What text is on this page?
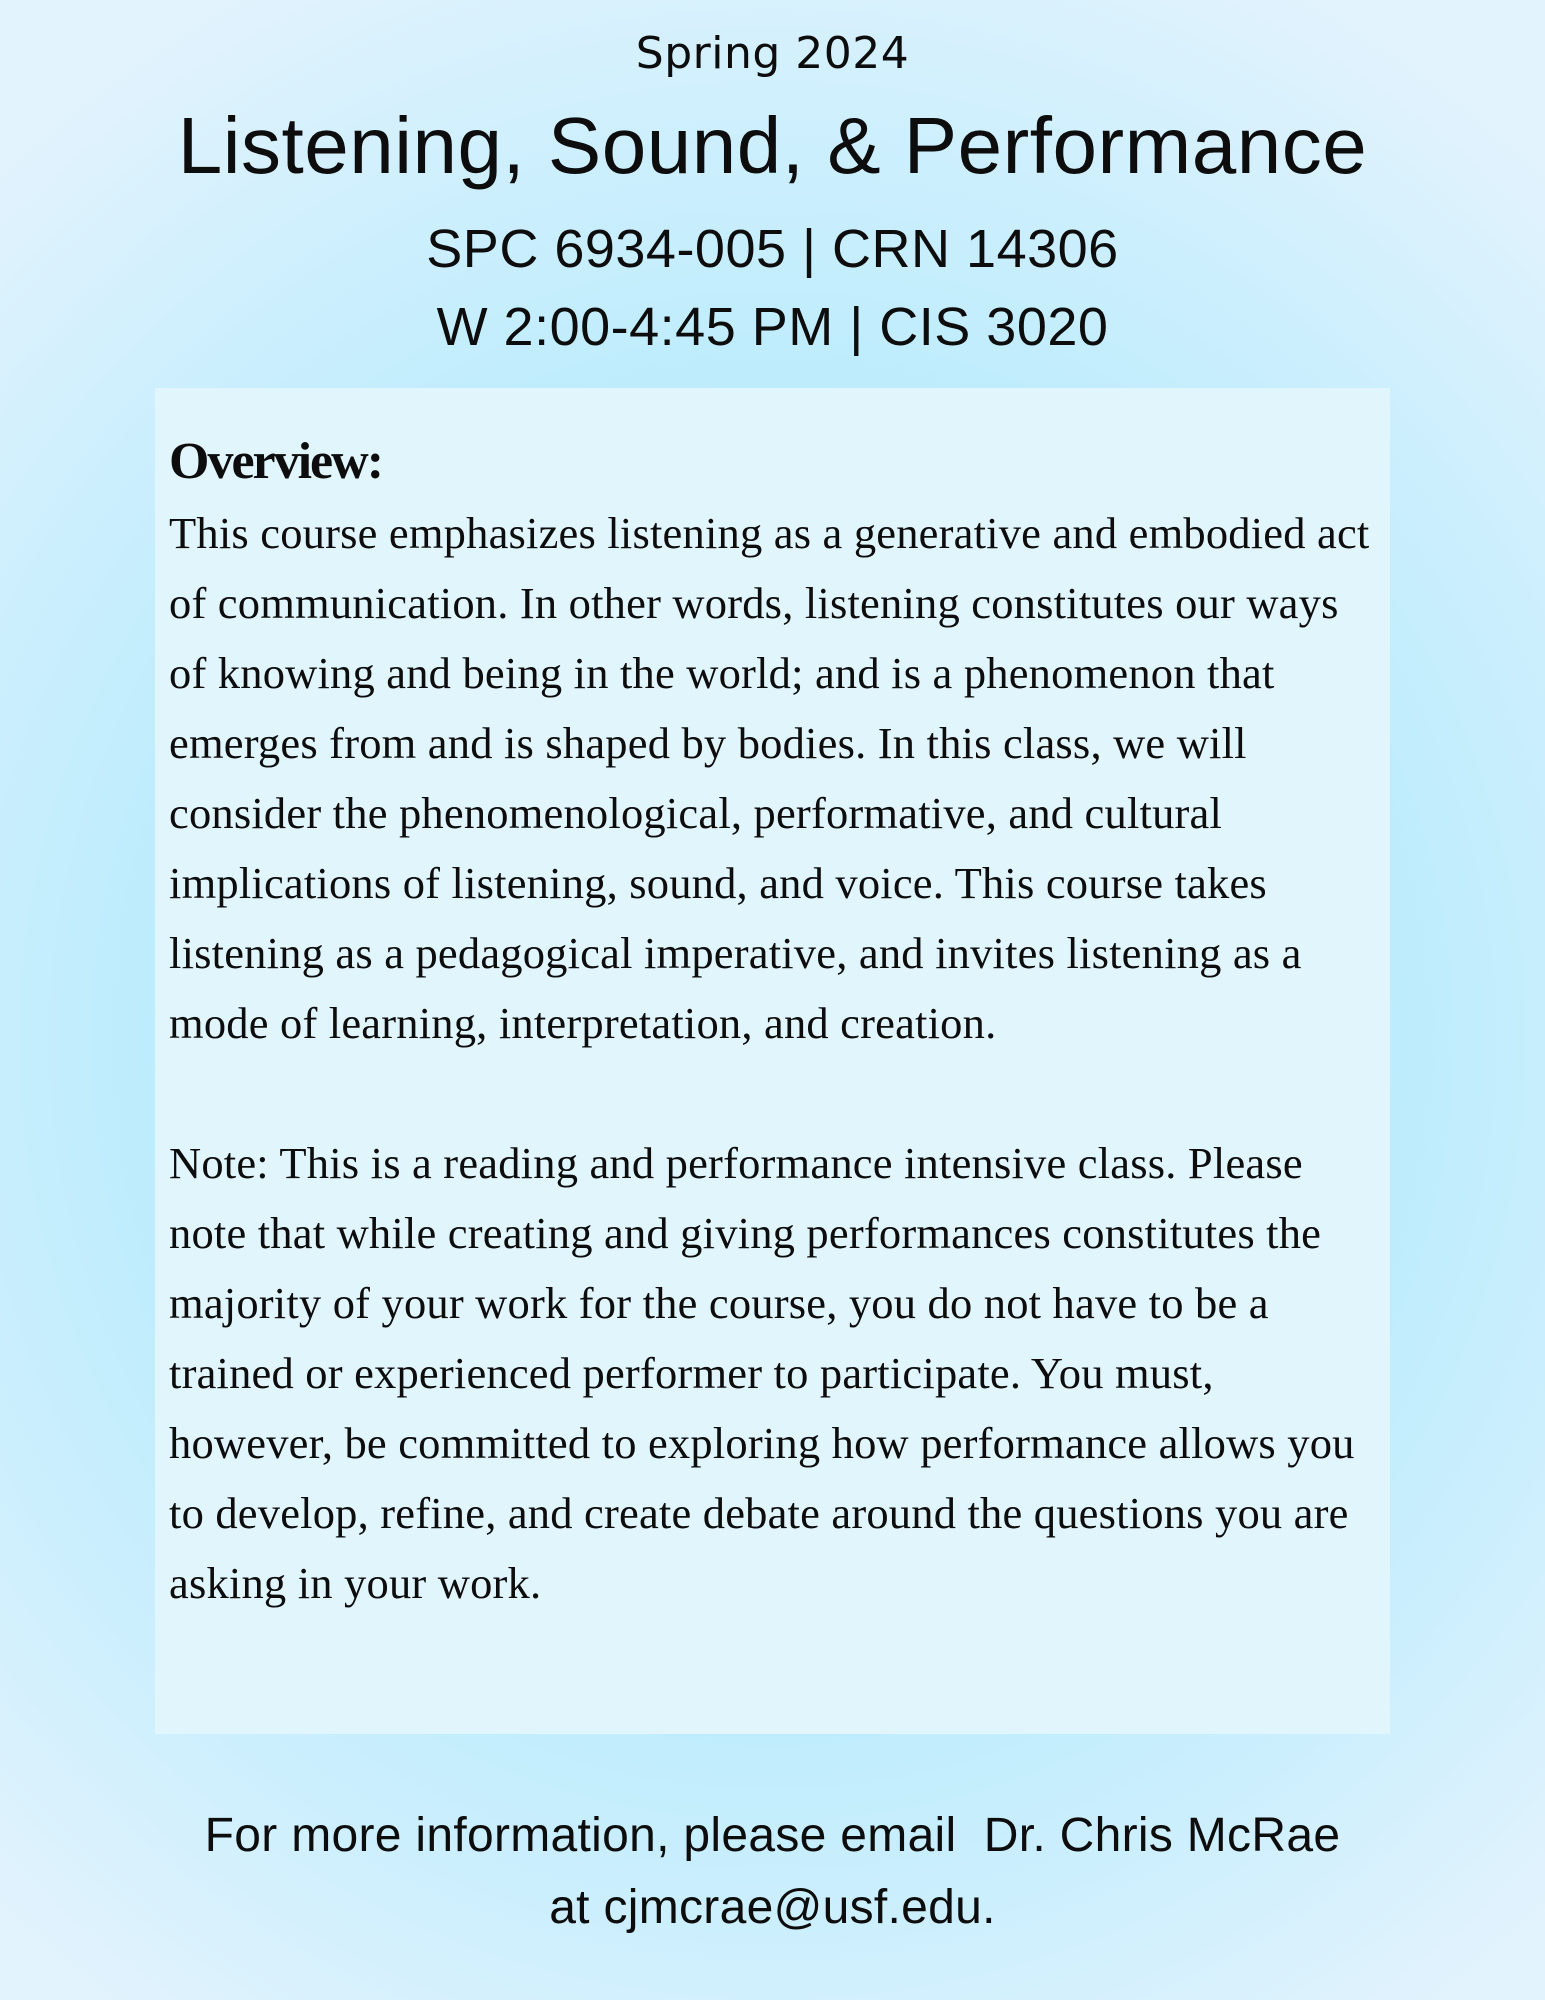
Spring 2024
Listening, Sound, & Performance
SPC 6934-005 | CRN 14306
W 2:00-4:45 PM | CIS 3020
Overview:

This course emphasizes listening as a generative and embodied act of communication. In other words, listening constitutes our ways of knowing and being in the world; and is a phenomenon that emerges from and is shaped by bodies. In this class, we will consider the phenomenological, performative, and cultural implications of listening, sound, and voice. This course takes listening as a pedagogical imperative, and invites listening as a mode of learning, interpretation, and creation.

Note: This is a reading and performance intensive class. Please note that while creating and giving performances constitutes the majority of your work for the course, you do not have to be a trained or experienced performer to participate. You must, however, be committed to exploring how performance allows you to develop, refine, and create debate around the questions you are asking in your work.

For more information, please email  Dr. Chris McRae
at cjmcrae@usf.edu.
